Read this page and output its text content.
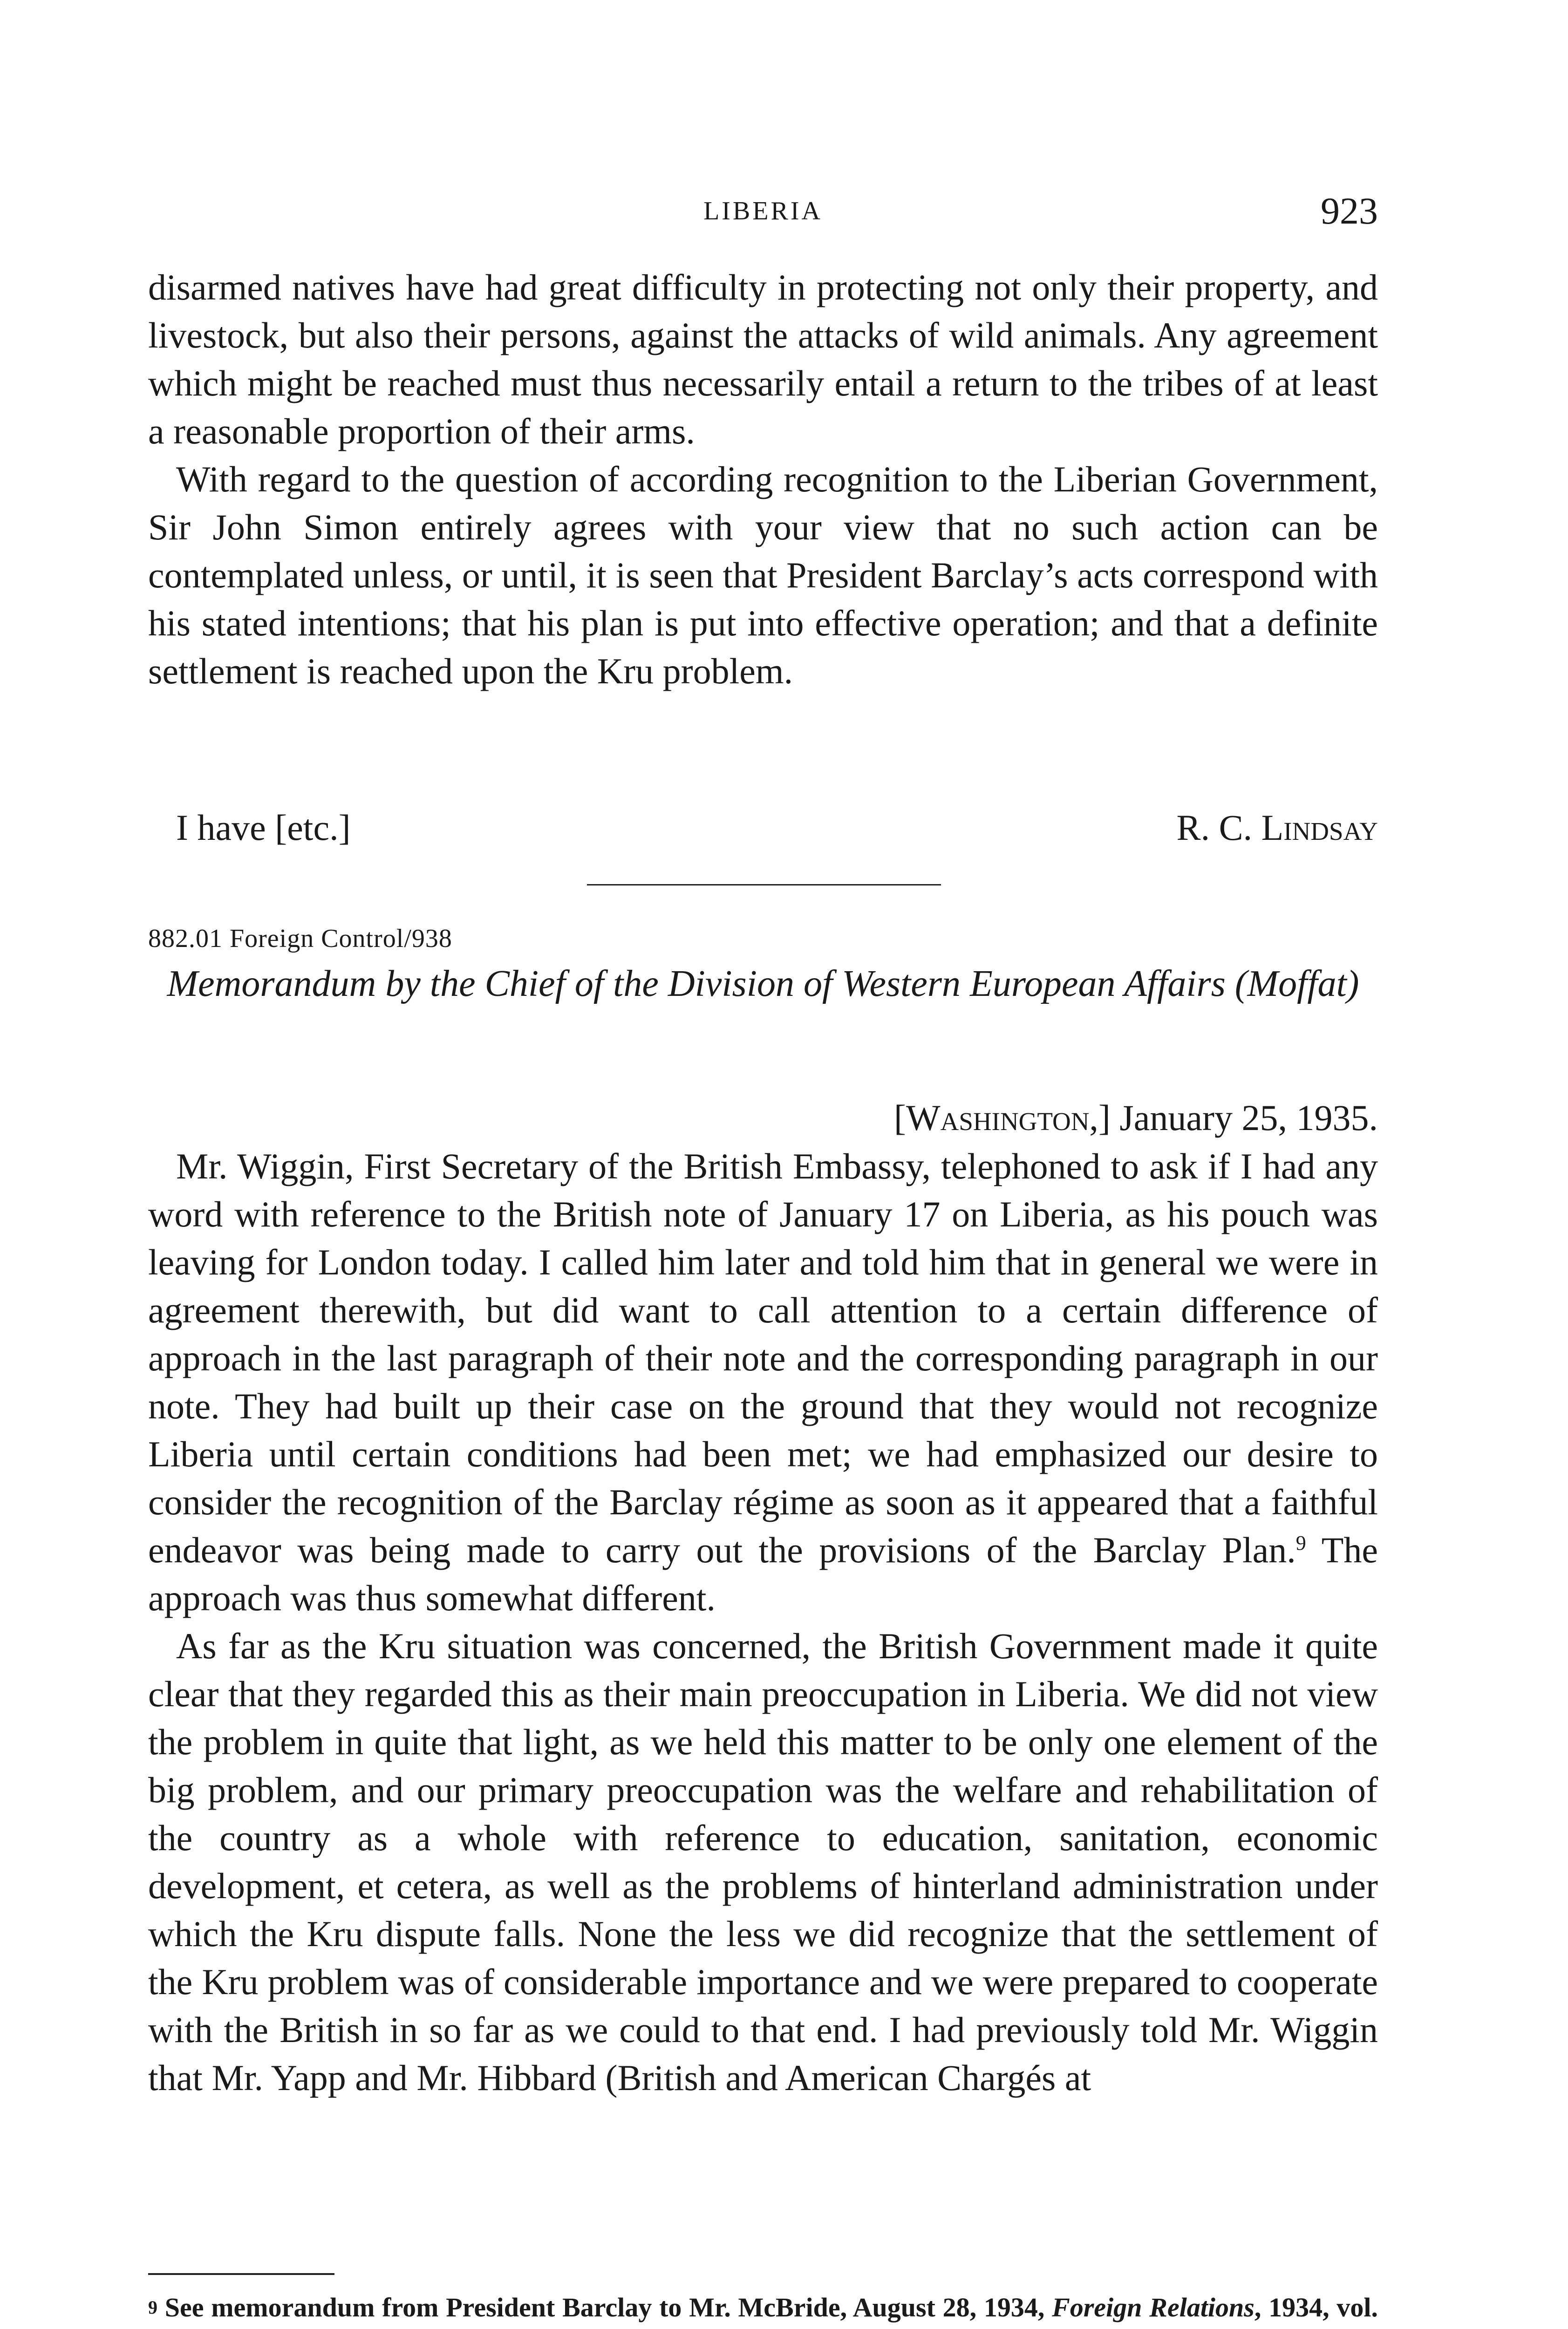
LIBERIA	923

disarmed natives have had great difficulty in protecting not only their property, and livestock, but also their persons, against the attacks of wild animals. Any agreement which might be reached must thus necessarily entail a return to the tribes of at least a reasonable proportion of their arms.

With regard to the question of according recognition to the Liberian Government, Sir John Simon entirely agrees with your view that no such action can be contemplated unless, or until, it is seen that President Barclay’s acts correspond with his stated intentions; that his plan is put into effective operation; and that a definite settlement is reached upon the Kru problem.

I have [etc.]	R. C. Lindsay
882.01 Foreign Control/938
Memorandum by the Chief of the Division of Western European Affairs (Moffat)
[Washington,] January 25, 1935.

Mr. Wiggin, First Secretary of the British Embassy, telephoned to ask if I had any word with reference to the British note of January 17 on Liberia, as his pouch was leaving for London today. I called him later and told him that in general we were in agreement therewith, but did want to call attention to a certain difference of approach in the last paragraph of their note and the corresponding paragraph in our note. They had built up their case on the ground that they would not recognize Liberia until certain conditions had been met; we had emphasized our desire to consider the recognition of the Barclay régime as soon as it appeared that a faithful endeavor was being made to carry out the provisions of the Barclay Plan.$^9$ The approach was thus somewhat different.

As far as the Kru situation was concerned, the British Government made it quite clear that they regarded this as their main preoccupation in Liberia. We did not view the problem in quite that light, as we held this matter to be only one element of the big problem, and our primary preoccupation was the welfare and rehabilitation of the country as a whole with reference to education, sanitation, economic development, et cetera, as well as the problems of hinterland administration under which the Kru dispute falls. None the less we did recognize that the settlement of the Kru problem was of considerable importance and we were prepared to cooperate with the British in so far as we could to that end. I had previously told Mr. Wiggin that Mr. Yapp and Mr. Hibbard (British and American Chargés at

$^9$ See memorandum from President Barclay to Mr. McBride, August 28, 1934, Foreign Relations, 1934, vol.
